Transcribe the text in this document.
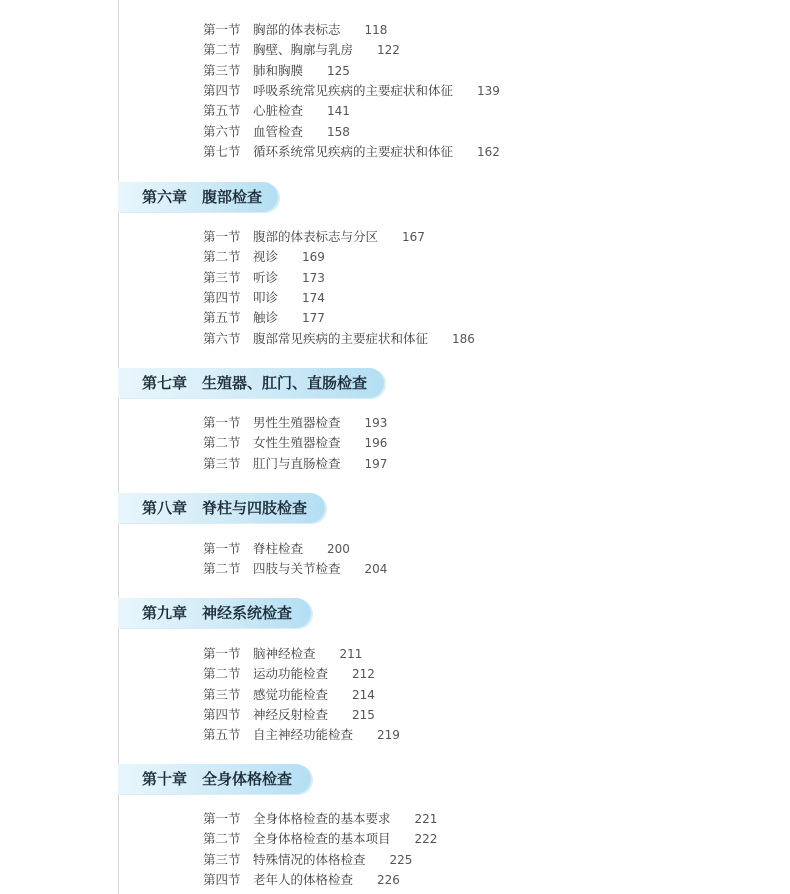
第一节 胸部的体表标志 118
第二节 胸壁、胸廓与乳房 122
第三节 肺和胸膜 125
第四节 呼吸系统常见疾病的主要症状和体征 139
第五节 心脏检查 141
第六节 血管检查 158
第七节 循环系统常见疾病的主要症状和体征 162
第六章　腹部检查
第一节 腹部的体表标志与分区 167
第二节 视诊 169
第三节 听诊 173
第四节 叩诊 174
第五节 触诊 177
第六节 腹部常见疾病的主要症状和体征 186
第七章　生殖器、肛门、直肠检查
第一节 男性生殖器检查 193
第二节 女性生殖器检查 196
第三节 肛门与直肠检查 197
第八章　脊柱与四肢检查
第一节 脊柱检查 200
第二节 四肢与关节检查 204
第九章　神经系统检查
第一节 脑神经检查 211
第二节 运动功能检查 212
第三节 感觉功能检查 214
第四节 神经反射检查 215
第五节 自主神经功能检查 219
第十章　全身体格检查
第一节 全身体格检查的基本要求 221
第二节 全身体格检查的基本项目 222
第三节 特殊情况的体格检查 225
第四节 老年人的体格检查 226
